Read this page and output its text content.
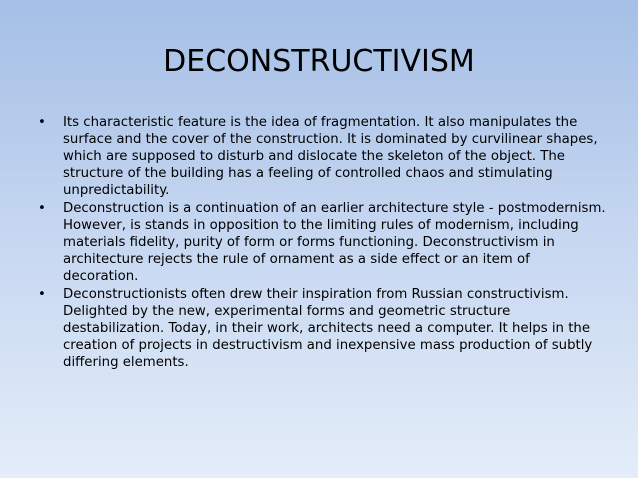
DECONSTRUCTIVISM
• Its characteristic feature is the idea of fragmentation. It also manipulates the surface and the cover of the construction. It is dominated by curvilinear shapes, which are supposed to disturb and dislocate the skeleton of the object. The structure of the building has a feeling of controlled chaos and stimulating unpredictability.
• Deconstruction is a continuation of an earlier architecture style - postmodernism. However, is stands in opposition to the limiting rules of modernism, including materials fidelity, purity of form or forms functioning. Deconstructivism in architecture rejects the rule of ornament as a side effect or an item of decoration.
• Deconstructionists often drew their inspiration from Russian constructivism. Delighted by the new, experimental forms and geometric structure destabilization. Today, in their work, architects need a computer. It helps in the creation of projects in destructivism and inexpensive mass production of subtly differing elements.
